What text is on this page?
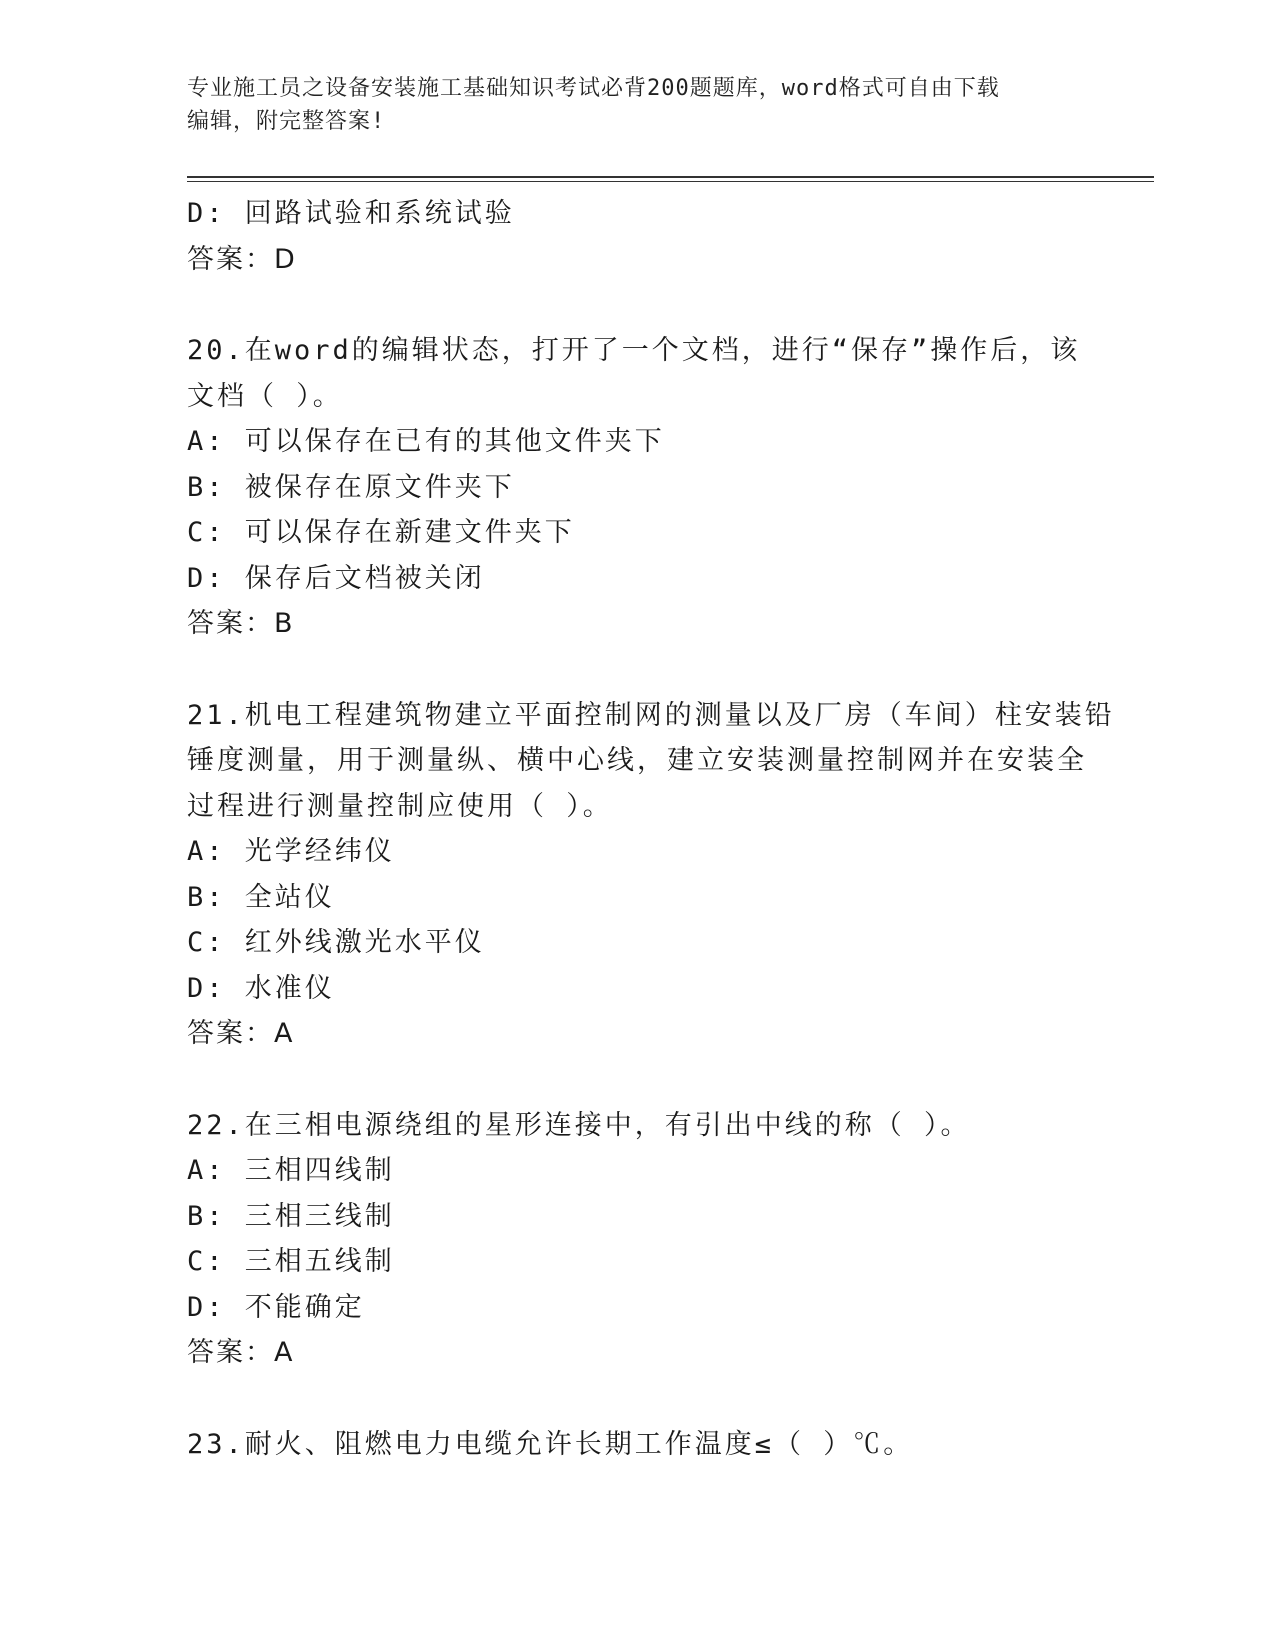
专业施工员之设备安装施工基础知识考试必背200题题库，word格式可自由下载
编辑，附完整答案!
D: 回路试验和系统试验
答案：D
20.在word的编辑状态，打开了一个文档，进行“保存”操作后，该
文档（ ）。
A: 可以保存在已有的其他文件夹下
B: 被保存在原文件夹下
C: 可以保存在新建文件夹下
D: 保存后文档被关闭
答案：B
21.机电工程建筑物建立平面控制网的测量以及厂房（车间）柱安装铅
锤度测量，用于测量纵、横中心线，建立安装测量控制网并在安装全
过程进行测量控制应使用（ ）。
A: 光学经纬仪
B: 全站仪
C: 红外线激光水平仪
D: 水准仪
答案：A
22.在三相电源绕组的星形连接中，有引出中线的称（ ）。
A: 三相四线制
B: 三相三线制
C: 三相五线制
D: 不能确定
答案：A
23.耐火、阻燃电力电缆允许长期工作温度≤（ ）℃。
